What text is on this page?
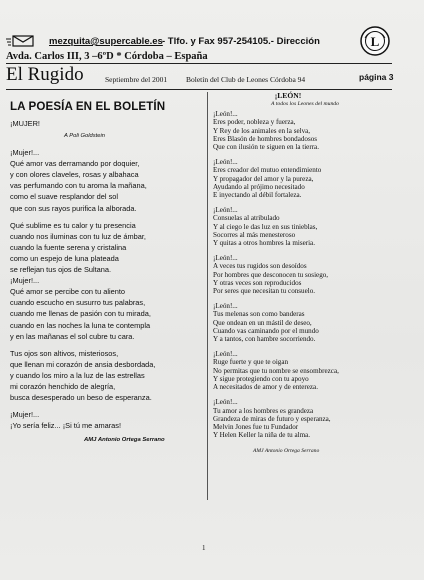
mezquita@supercable.es - Tlfo. y Fax 957-254105.- Dirección
Avda. Carlos III, 3 –6ºD * Córdoba – España
L
El Rugido	Septiembre del 2001	Boletín del Club de Leones Córdoba 94	página 3
LA POESÍA EN EL BOLETÍN
¡MUJER!
A Poli Goldstein
¡Mujer!...
Qué amor vas derramando por doquier,
y con olores claveles, rosas y albahaca
vas perfumando con tu aroma la mañana,
como el suave resplandor del sol
que con sus rayos purifica la alborada.
Qué sublime es tu calor y tu presencia
cuando nos iluminas con tu luz de ámbar,
cuando la fuente serena y cristalina
como un espejo de luna plateada
se reflejan tus ojos de Sultana.
¡Mujer!...
Qué amor se percibe con tu aliento
cuando escucho en susurro tus palabras,
cuando me llenas de pasión con tu mirada,
cuando en las noches la luna te contempla
y en las mañanas el sol cubre tu cara.
Tus ojos son altivos, misteriosos,
que llenan mi corazón de ansia desbordada,
y cuando los miro a la luz de las estrellas
mi corazón henchido de alegría,
busca desesperado un beso de esperanza.
¡Mujer!...
¡Yo sería feliz... ¡Si tú me amaras!
AMJ Antonio Ortega Serrano
¡LEÓN!
A todos los Leones del mundo
¡León!...
Eres poder, nobleza y fuerza,
Y Rey de los animales en la selva,
Eres Blasón de hombres bondadosos
Que con ilusión te siguen en la tierra.
¡León!...
Eres creador del mutuo entendimiento
Y propagador del amor y la pureza,
Ayudando al prójimo necesitado
E inyectando al débil fortaleza.
¡León!...
Consuelas al atribulado
Y al ciego le das luz en sus tinieblas,
Socorres al más menesteroso
Y quitas a otros hombres la miseria.
¡León!...
A veces tus rugidos son desoídos
Por hombres que desconocen tu sosiego,
Y otras veces son reproducidos
Por seres que necesitan tu consuelo.
¡León!...
Tus melenas son como banderas
Que ondean en un mástil de deseo,
Cuando vas caminando por el mundo
Y a tantos, con hambre socorriendo.
¡León!...
Ruge fuerte y que te oigan
No permitas que tu nombre se ensombrezca,
Y sigue protegiendo con tu apoyo
A necesitados de amor y de entereza.
¡León!...
Tu amor a los hombres es grandeza
Grandeza de miras de futuro y esperanza,
Melvin Jones fue tu Fundador
Y Helen Keller la niña de tu alma.
AMJ Antonio Ortega Serrano
1
